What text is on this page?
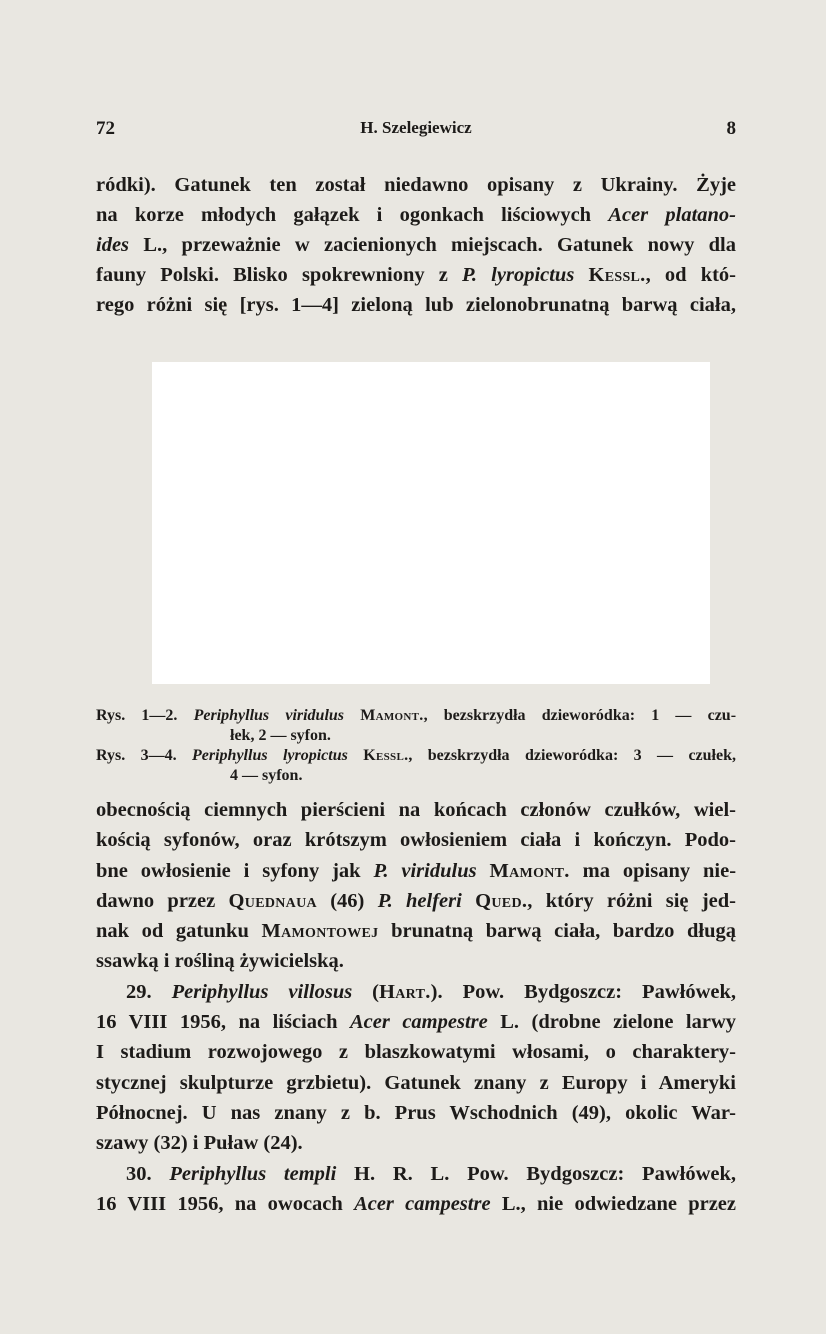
72	H. Szelegiewicz	8
ródki). Gatunek ten został niedawno opisany z Ukrainy. Żyje
na korze młodych gałązek i ogonkach liściowych Acer platano-
ides L., przeważnie w zacienionych miejscach. Gatunek nowy dla
fauny Polski. Blisko spokrewniony z P. lyropictus Kessl., od któ-
rego różni się [rys. 1—4] zieloną lub zielonobrunatną barwą ciała,
Rys. 1—2. Periphyllus viridulus Mamont., bezskrzydła dzieworódka: 1 — czu-
łek, 2 — syfon.
Rys. 3—4. Periphyllus lyropictus Kessl., bezskrzydła dzieworódka: 3 — czułek,
4 — syfon.
obecnością ciemnych pierścieni na końcach członów czułków, wiel-
kością syfonów, oraz krótszym owłosieniem ciała i kończyn. Podo-
bne owłosienie i syfony jak P. viridulus Mamont. ma opisany nie-
dawno przez Quednaua (46) P. helferi Qued., który różni się jed-
nak od gatunku Mamontowej brunatną barwą ciała, bardzo długą
ssawką i rośliną żywicielską.
29. Periphyllus villosus (Hart.). Pow. Bydgoszcz: Pawłówek,
16 VIII 1956, na liściach Acer campestre L. (drobne zielone larwy
I stadium rozwojowego z blaszkowatymi włosami, o charaktery-
stycznej skulpturze grzbietu). Gatunek znany z Europy i Ameryki
Północnej. U nas znany z b. Prus Wschodnich (49), okolic War-
szawy (32) i Puław (24).
30. Periphyllus templi H. R. L. Pow. Bydgoszcz: Pawłówek,
16 VIII 1956, na owocach Acer campestre L., nie odwiedzane przez
